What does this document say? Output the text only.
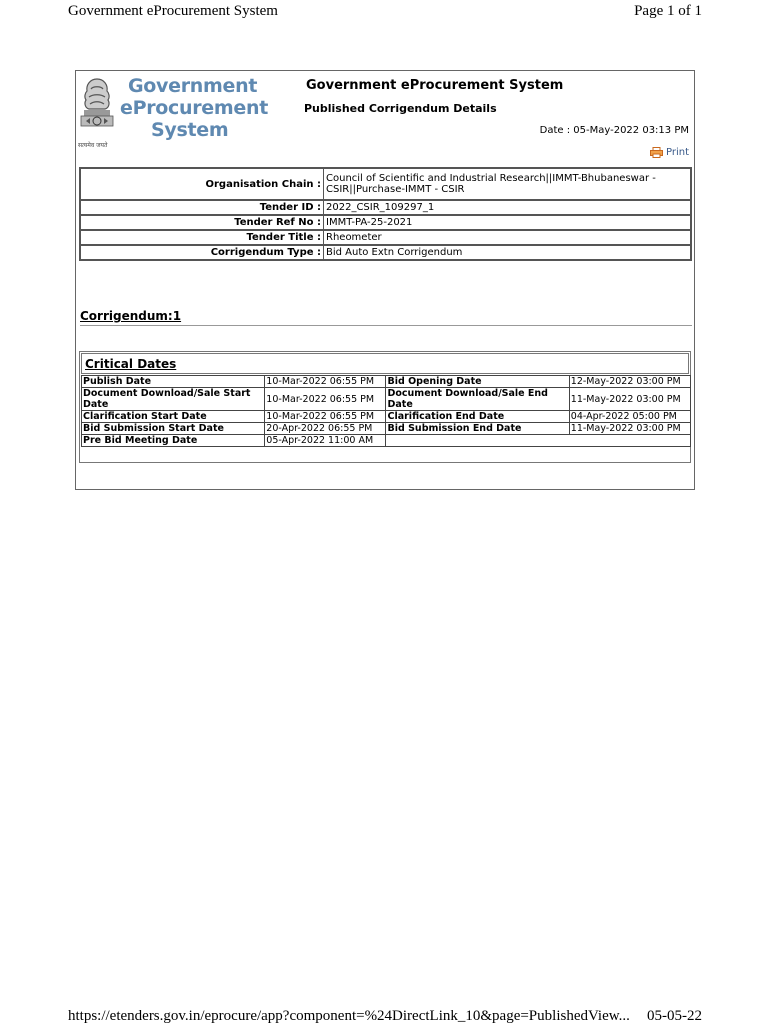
Government eProcurement System	Page 1 of 1
सत्यमेव जयते
Government
eProcurement
System
Government eProcurement System
Published Corrigendum Details
Date : 05-May-2022 03:13 PM
Print
Organisation Chain :	Council of Scientific and Industrial Research||IMMT-Bhubaneswar - CSIR||Purchase-IMMT - CSIR
Tender ID :	2022_CSIR_109297_1
Tender Ref No :	IMMT-PA-25-2021
Tender Title :	Rheometer
Corrigendum Type :	Bid Auto Extn Corrigendum
Corrigendum:1
Critical Dates
Publish Date	10-Mar-2022 06:55 PM	Bid Opening Date	12-May-2022 03:00 PM
Document Download/Sale Start Date	10-Mar-2022 06:55 PM	Document Download/Sale End Date	11-May-2022 03:00 PM
Clarification Start Date	10-Mar-2022 06:55 PM	Clarification End Date	04-Apr-2022 05:00 PM
Bid Submission Start Date	20-Apr-2022 06:55 PM	Bid Submission End Date	11-May-2022 03:00 PM
Pre Bid Meeting Date	05-Apr-2022 11:00 AM		
https://etenders.gov.in/eprocure/app?component=%24DirectLink_10&page=PublishedView... 05-05-22
